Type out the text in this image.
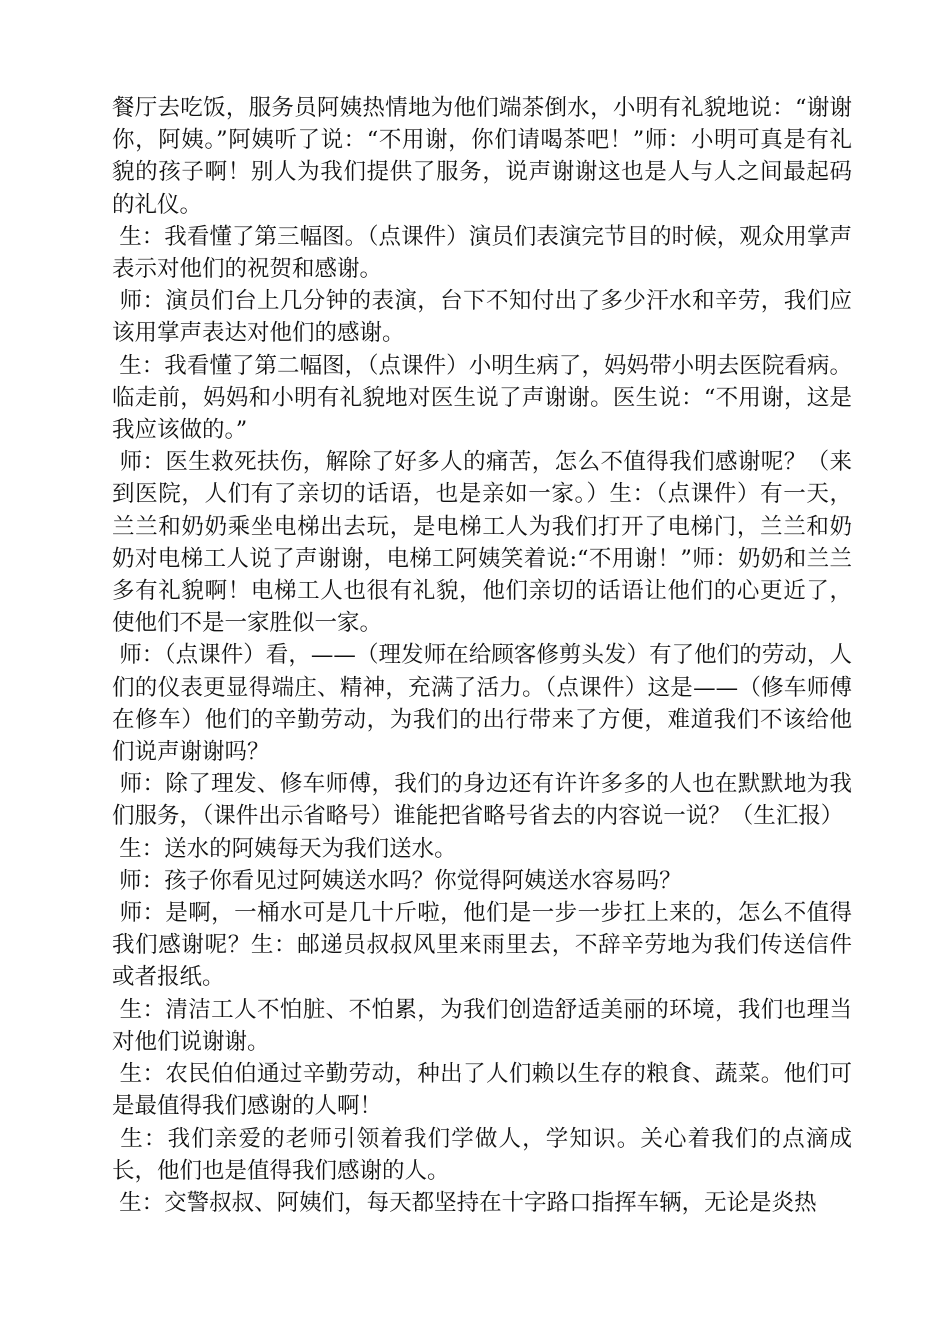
餐厅去吃饭，服务员阿姨热情地为他们端茶倒水，小明有礼貌地说：“谢谢你，阿姨。”阿姨听了说：“不用谢，你们请喝茶吧！”师：小明可真是有礼貌的孩子啊！别人为我们提供了服务，说声谢谢这也是人与人之间最起码的礼仪。

生：我看懂了第三幅图。（点课件）演员们表演完节目的时候，观众用掌声表示对他们的祝贺和感谢。

师：演员们台上几分钟的表演，台下不知付出了多少汗水和辛劳，我们应该用掌声表达对他们的感谢。

生：我看懂了第二幅图，（点课件）小明生病了，妈妈带小明去医院看病。临走前，妈妈和小明有礼貌地对医生说了声谢谢。医生说：“不用谢，这是我应该做的。”

师：医生救死扶伤，解除了好多人的痛苦，怎么不值得我们感谢呢？（来到医院，人们有了亲切的话语，也是亲如一家。）生：（点课件）有一天，兰兰和奶奶乘坐电梯出去玩，是电梯工人为我们打开了电梯门，兰兰和奶奶对电梯工人说了声谢谢，电梯工阿姨笑着说:“不用谢！”师：奶奶和兰兰多有礼貌啊！电梯工人也很有礼貌，他们亲切的话语让他们的心更近了，使他们不是一家胜似一家。

师：（点课件）看，——（理发师在给顾客修剪头发）有了他们的劳动，人们的仪表更显得端庄、精神，充满了活力。（点课件）这是——（修车师傅在修车）他们的辛勤劳动，为我们的出行带来了方便，难道我们不该给他们说声谢谢吗？

师：除了理发、修车师傅，我们的身边还有许许多多的人也在默默地为我们服务，（课件出示省略号）谁能把省略号省去的内容说一说？（生汇报）

生：送水的阿姨每天为我们送水。

师：孩子你看见过阿姨送水吗？你觉得阿姨送水容易吗？

师：是啊，一桶水可是几十斤啦，他们是一步一步扛上来的，怎么不值得我们感谢呢？生：邮递员叔叔风里来雨里去，不辞辛劳地为我们传送信件或者报纸。

生：清洁工人不怕脏、不怕累，为我们创造舒适美丽的环境，我们也理当对他们说谢谢。

生：农民伯伯通过辛勤劳动，种出了人们赖以生存的粮食、蔬菜。他们可是最值得我们感谢的人啊！

生：我们亲爱的老师引领着我们学做人，学知识。关心着我们的点滴成长，他们也是值得我们感谢的人。

生：交警叔叔、阿姨们，每天都坚持在十字路口指挥车辆，无论是炎热
